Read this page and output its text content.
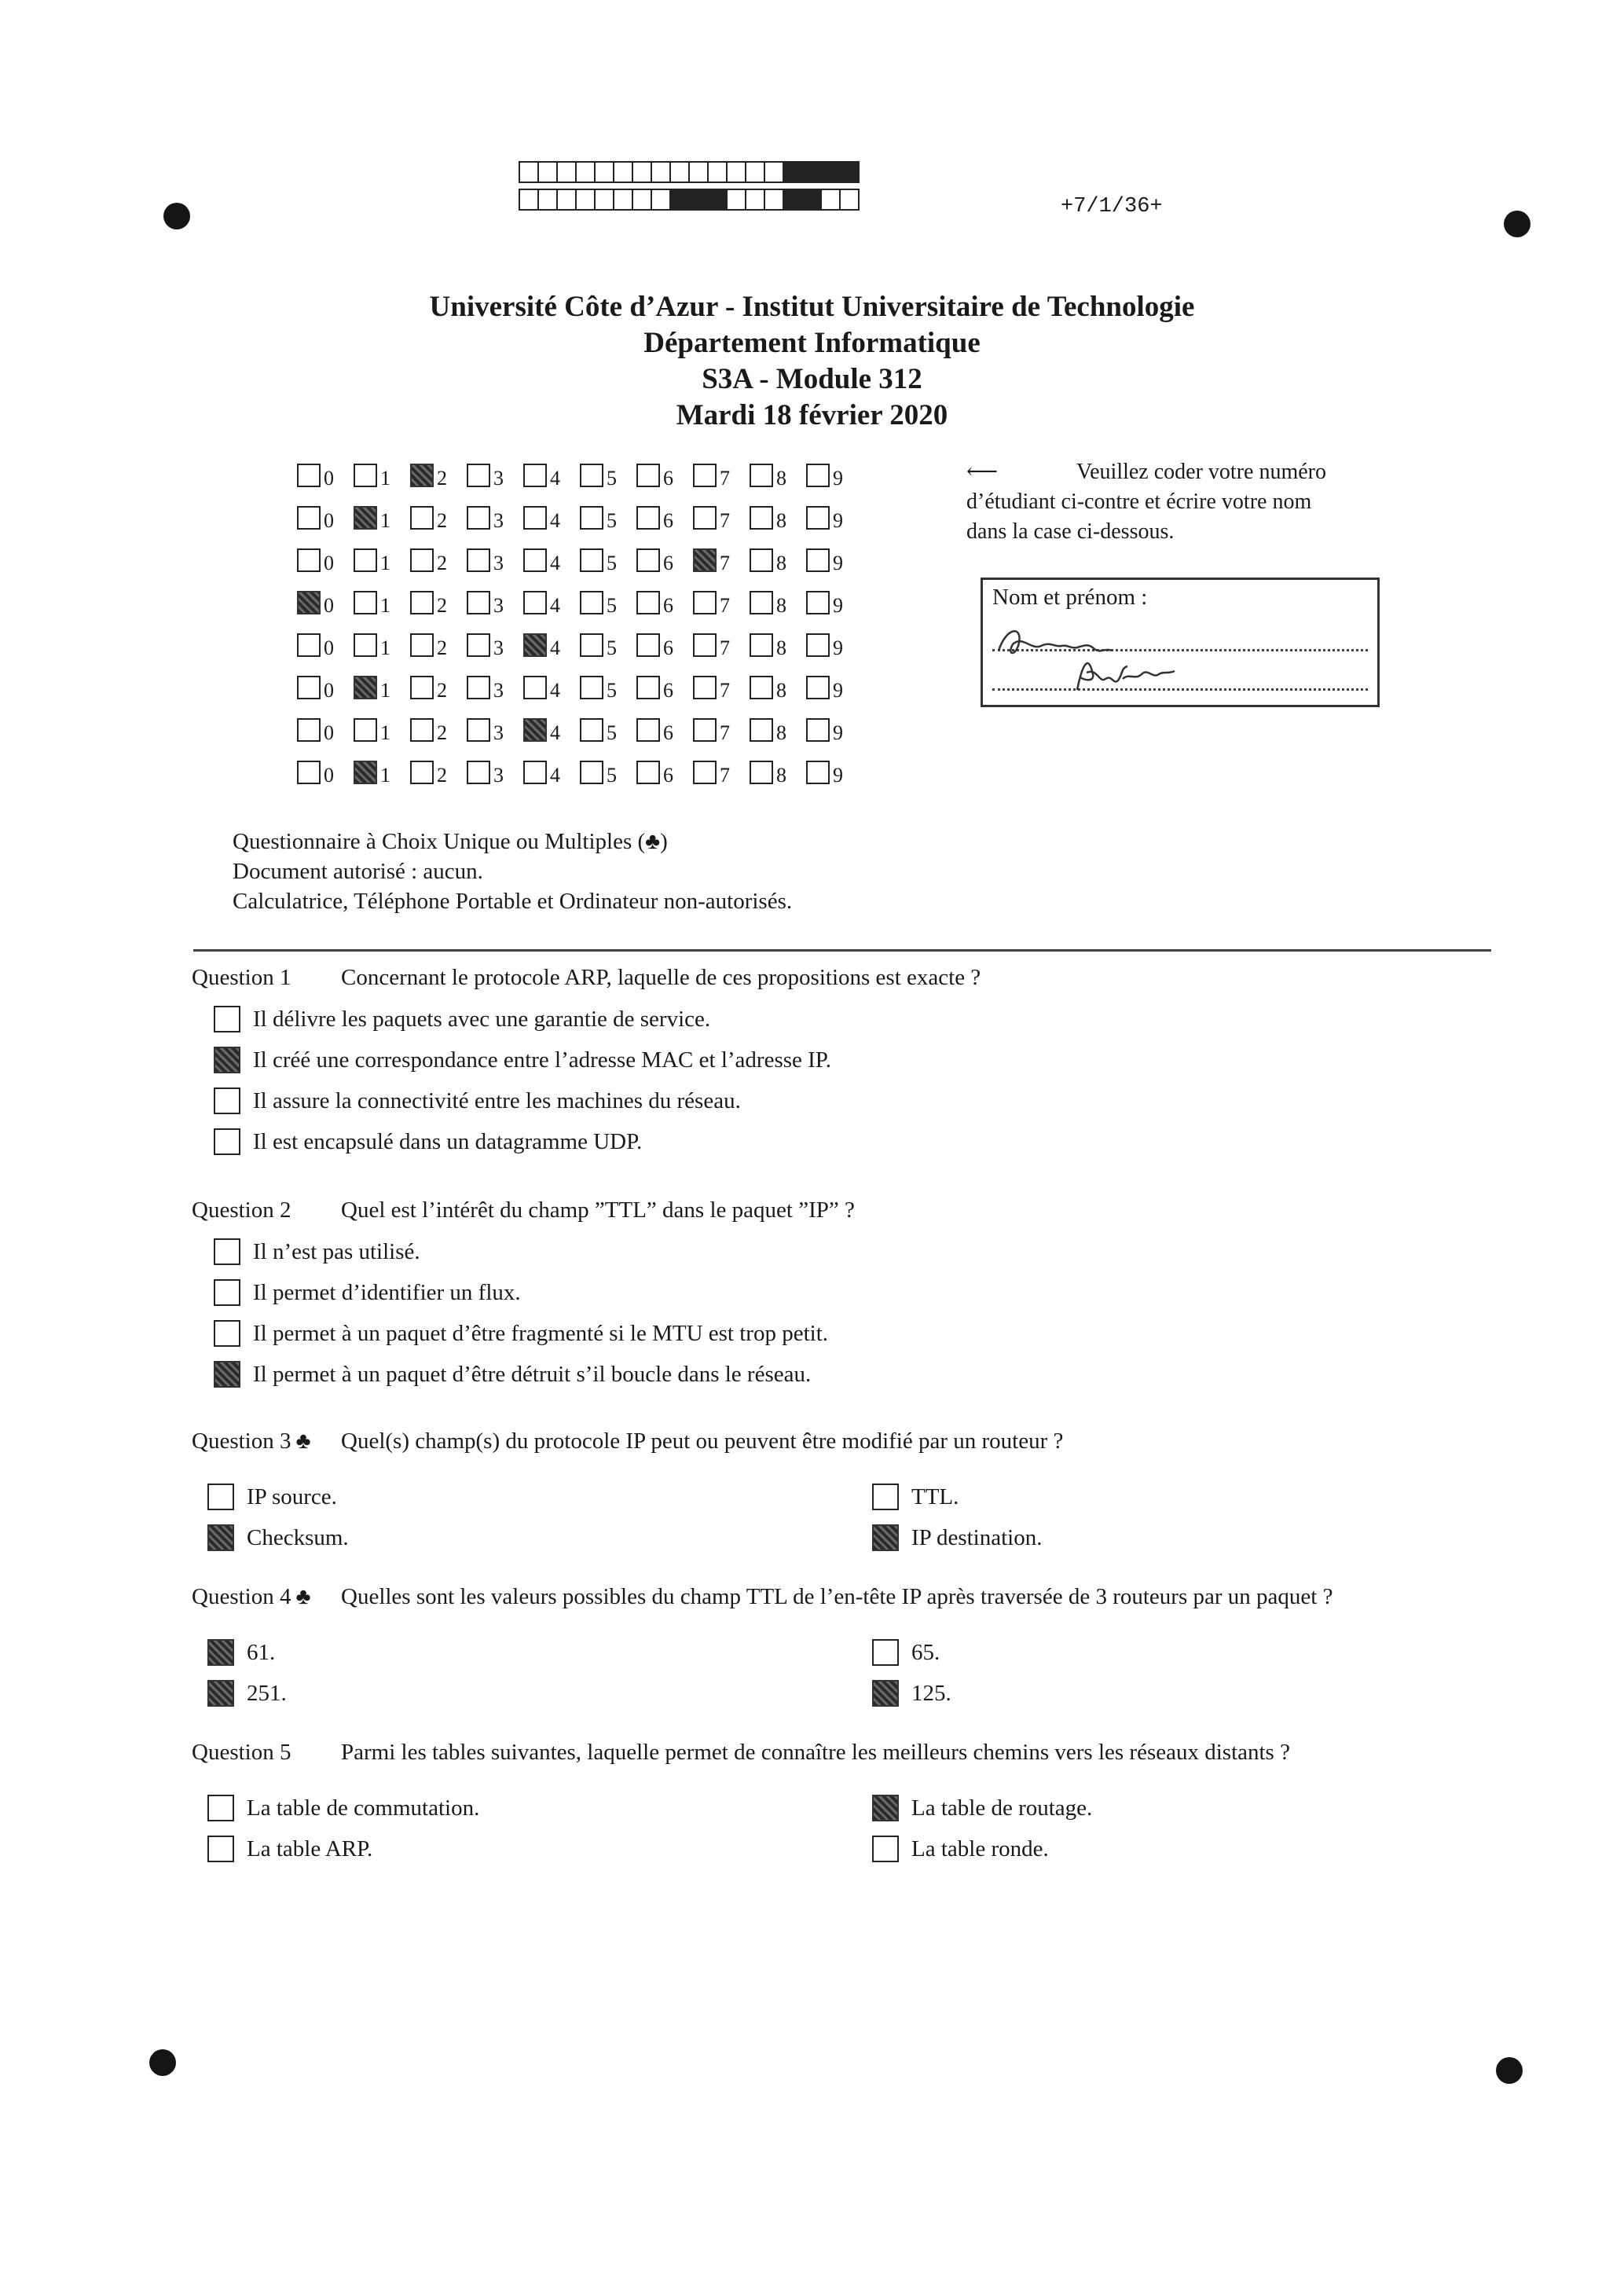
+7/1/36+
Université Côte d’Azur - Institut Universitaire de Technologie
Département Informatique
S3A - Module 312
Mardi 18 février 2020
0 1 2 3 4 5 6 7 8 9
0 1 2 3 4 5 6 7 8 9
0 1 2 3 4 5 6 7 8 9
0 1 2 3 4 5 6 7 8 9
0 1 2 3 4 5 6 7 8 9
0 1 2 3 4 5 6 7 8 9
0 1 2 3 4 5 6 7 8 9
0 1 2 3 4 5 6 7 8 9
⟵	Veuillez coder votre numéro
d’étudiant ci-contre et écrire votre nom
dans la case ci-dessous.
Nom et prénom :
Questionnaire à Choix Unique ou Multiples (♣)
Document autorisé : aucun.
Calculatrice, Téléphone Portable et Ordinateur non-autorisés.
Question 1	Concernant le protocole ARP, laquelle de ces propositions est exacte ?
Il délivre les paquets avec une garantie de service.
Il créé une correspondance entre l’adresse MAC et l’adresse IP.
Il assure la connectivité entre les machines du réseau.
Il est encapsulé dans un datagramme UDP.
Question 2	Quel est l’intérêt du champ ”TTL” dans le paquet ”IP” ?
Il n’est pas utilisé.
Il permet d’identifier un flux.
Il permet à un paquet d’être fragmenté si le MTU est trop petit.
Il permet à un paquet d’être détruit s’il boucle dans le réseau.
Question 3 ♣	Quel(s) champ(s) du protocole IP peut ou peuvent être modifié par un routeur ?
IP source.
Checksum.
TTL.
IP destination.
Question 4 ♣	Quelles sont les valeurs possibles du champ TTL de l’en-tête IP après traversée de 3 routeurs par un paquet ?
61.
251.
65.
125.
Question 5	Parmi les tables suivantes, laquelle permet de connaître les meilleurs chemins vers les réseaux distants ?
La table de commutation.
La table ARP.
La table de routage.
La table ronde.
